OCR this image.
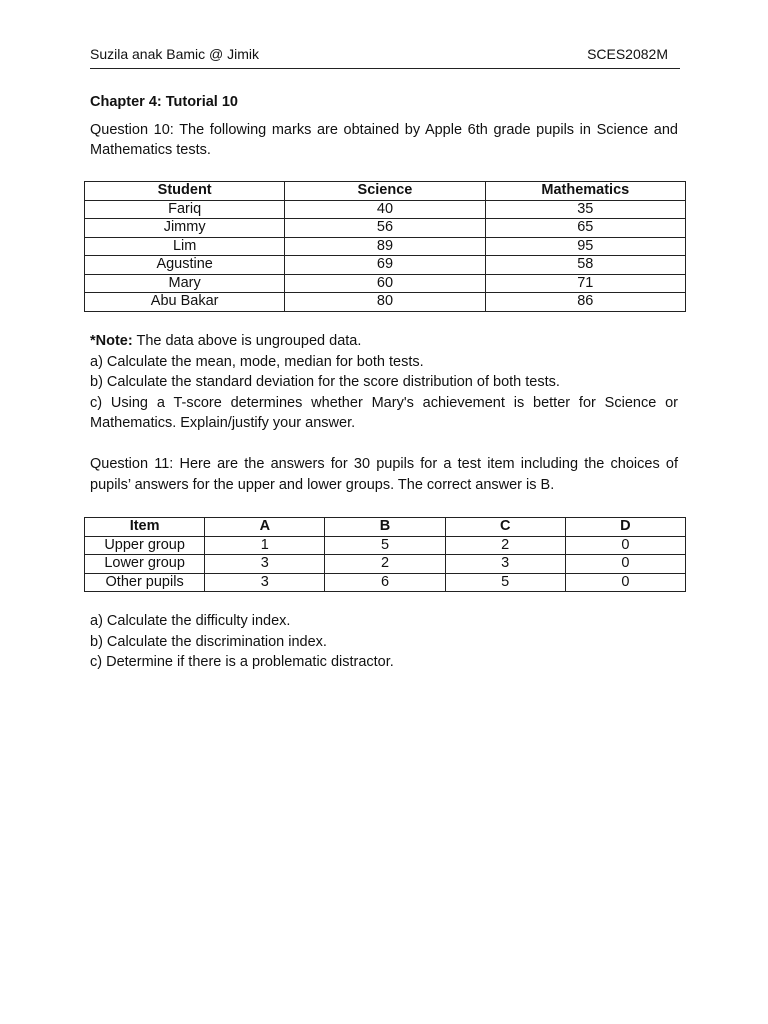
Suzila anak Bamic @ Jimik	SCES2082M

Chapter 4: Tutorial 10

Question 10: The following marks are obtained by Apple 6th grade pupils in Science and Mathematics tests.

Student	Science	Mathematics
Fariq	40	35
Jimmy	56	65
Lim	89	95
Agustine	69	58
Mary	60	71
Abu Bakar	80	86

*Note: The data above is ungrouped data.

a) Calculate the mean, mode, median for both tests.

b) Calculate the standard deviation for the score distribution of both tests.

c) Using a T-score determines whether Mary's achievement is better for Science or Mathematics. Explain/justify your answer.

Question 11: Here are the answers for 30 pupils for a test item including the choices of pupils’ answers for the upper and lower groups. The correct answer is B.

Item	A	B	C	D
Upper group	1	5	2	0
Lower group	3	2	3	0
Other pupils	3	6	5	0

a) Calculate the difficulty index.

b) Calculate the discrimination index.

c) Determine if there is a problematic distractor.
